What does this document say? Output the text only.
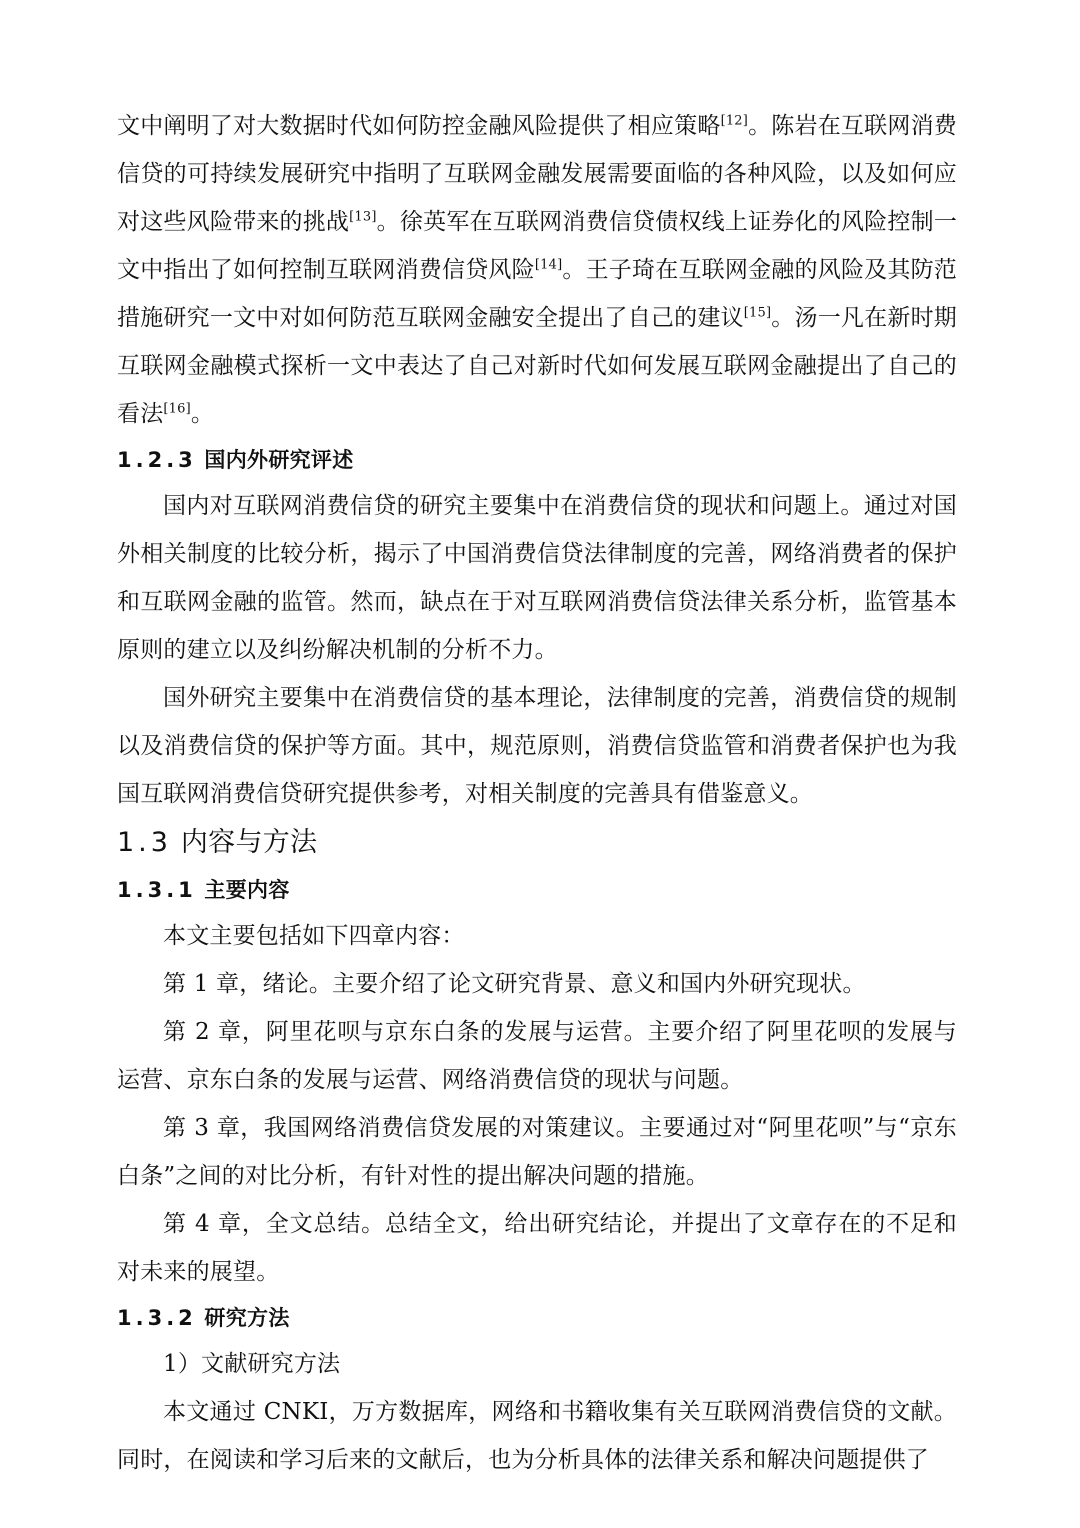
文中阐明了对大数据时代如何防控金融风险提供了相应策略[12]。陈岩在互联网消费信贷的可持续发展研究中指明了互联网金融发展需要面临的各种风险，以及如何应对这些风险带来的挑战[13]。徐英军在互联网消费信贷债权线上证券化的风险控制一文中指出了如何控制互联网消费信贷风险[14]。王子琦在互联网金融的风险及其防范措施研究一文中对如何防范互联网金融安全提出了自己的建议[15]。汤一凡在新时期互联网金融模式探析一文中表达了自己对新时代如何发展互联网金融提出了自己的看法[16]。

1.2.3 国内外研究评述

国内对互联网消费信贷的研究主要集中在消费信贷的现状和问题上。通过对国外相关制度的比较分析，揭示了中国消费信贷法律制度的完善，网络消费者的保护和互联网金融的监管。然而，缺点在于对互联网消费信贷法律关系分析，监管基本原则的建立以及纠纷解决机制的分析不力。

国外研究主要集中在消费信贷的基本理论，法律制度的完善，消费信贷的规制以及消费信贷的保护等方面。其中，规范原则，消费信贷监管和消费者保护也为我国互联网消费信贷研究提供参考，对相关制度的完善具有借鉴意义。

1.3 内容与方法
1.3.1 主要内容

本文主要包括如下四章内容：

第 1 章，绪论。主要介绍了论文研究背景、意义和国内外研究现状。

第 2 章，阿里花呗与京东白条的发展与运营。主要介绍了阿里花呗的发展与运营、京东白条的发展与运营、网络消费信贷的现状与问题。

第 3 章，我国网络消费信贷发展的对策建议。主要通过对“阿里花呗”与“京东白条”之间的对比分析，有针对性的提出解决问题的措施。

第 4 章，全文总结。总结全文，给出研究结论，并提出了文章存在的不足和对未来的展望。

1.3.2 研究方法

1）文献研究方法

本文通过 CNKI，万方数据库，网络和书籍收集有关互联网消费信贷的文献。同时，在阅读和学习后来的文献后，也为分析具体的法律关系和解决问题提供了
